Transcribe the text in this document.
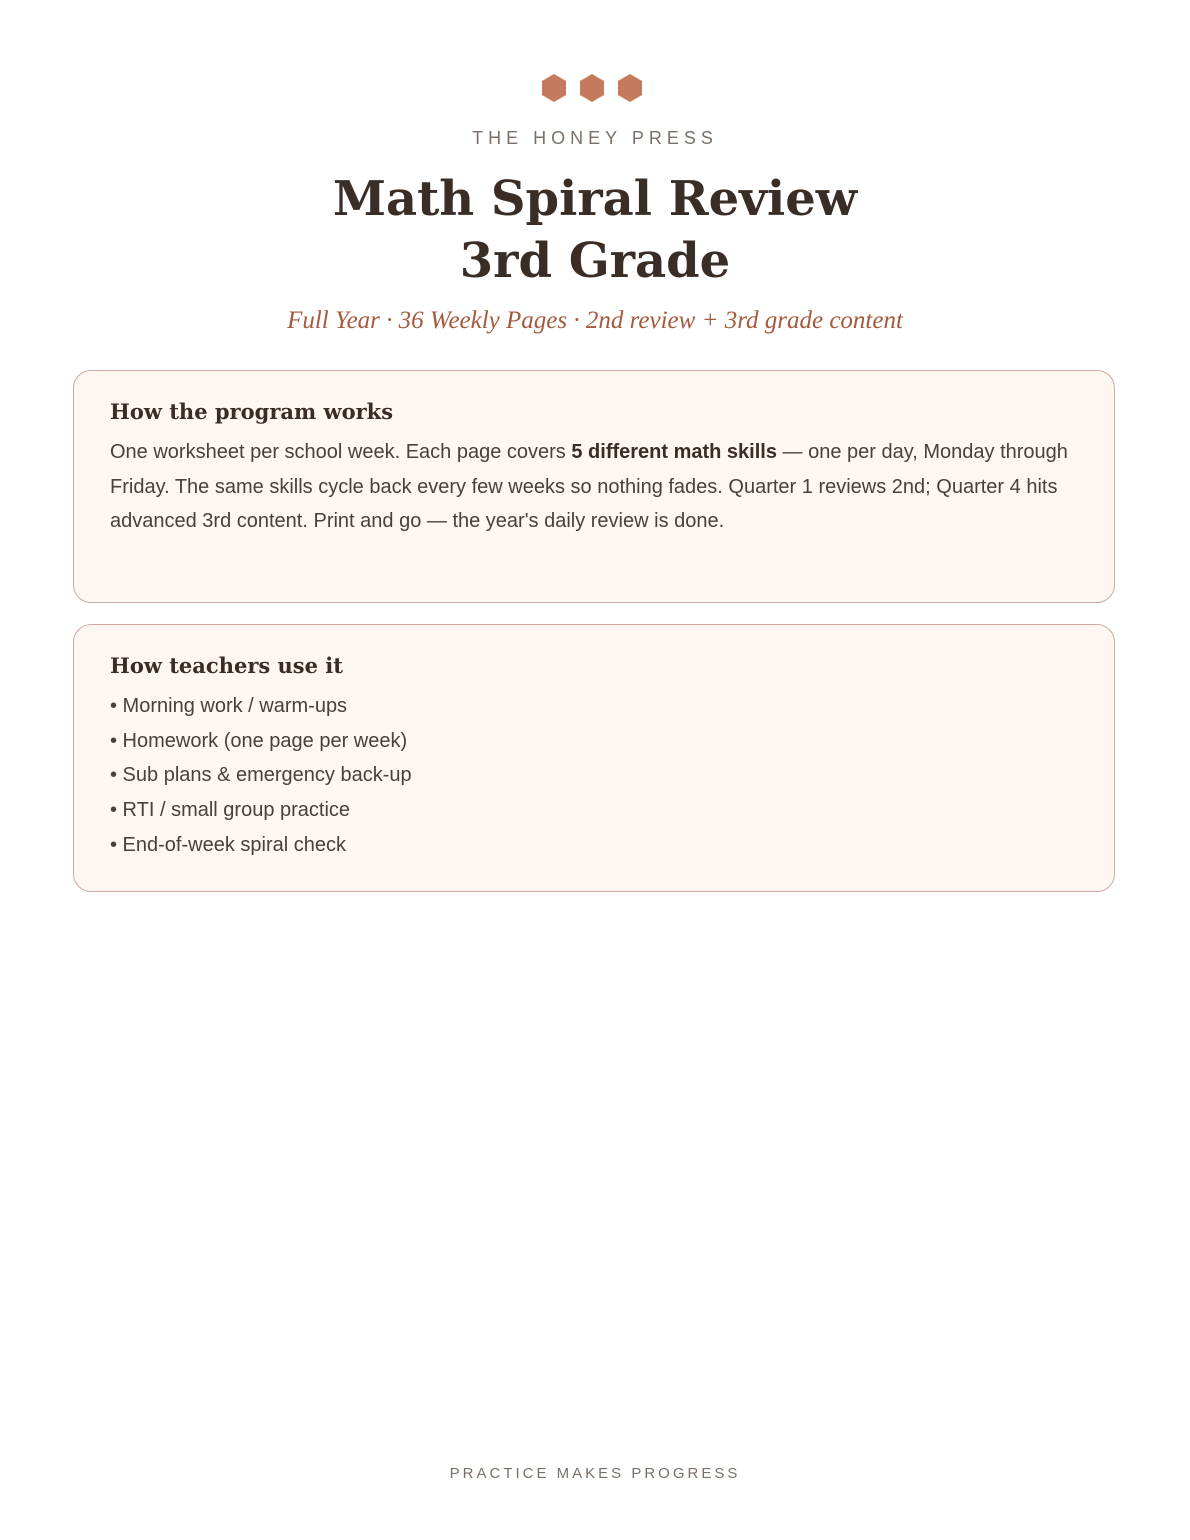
THE HONEY PRESS
Math Spiral Review
3rd Grade
Full Year · 36 Weekly Pages · 2nd review + 3rd grade content
How the program works

One worksheet per school week. Each page covers 5 different math skills — one per day, Monday through Friday. The same skills cycle back every few weeks so nothing fades. Quarter 1 reviews 2nd; Quarter 4 hits advanced 3rd content. Print and go — the year's daily review is done.

How teachers use it
• Morning work / warm-ups
• Homework (one page per week)
• Sub plans & emergency back-up
• RTI / small group practice
• End-of-week spiral check
PRACTICE MAKES PROGRESS
